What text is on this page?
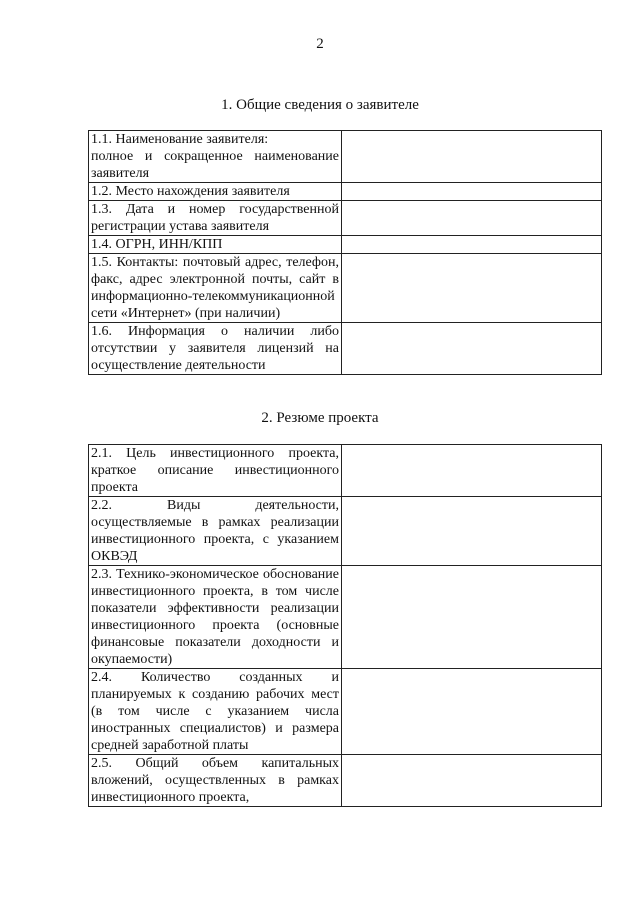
2
1. Общие сведения о заявителе
1.1. Наименование заявителя:
полное и сокращенное наименование заявителя	
1.2. Место нахождения заявителя	
1.3. Дата и номер государственной регистрации устава заявителя	
1.4. ОГРН, ИНН/КПП	
1.5. Контакты: почтовый адрес, телефон, факс, адрес электронной почты, сайт в информационно-телекоммуникационной сети «Интернет» (при наличии)	
1.6. Информация о наличии либо отсутствии у заявителя лицензий на осуществление деятельности	
2. Резюме проекта
2.1. Цель инвестиционного проекта, краткое описание инвестиционного проекта	
2.2. Виды деятельности, осуществляемые в рамках реализации инвестиционного проекта, с указанием ОКВЭД	
2.3. Технико-экономическое обоснование инвестиционного проекта, в том числе показатели эффективности реализации инвестиционного проекта (основные финансовые показатели доходности и окупаемости)	
2.4. Количество созданных и планируемых к созданию рабочих мест (в том числе с указанием числа иностранных специалистов) и размера средней заработной платы	
2.5. Общий объем капитальных вложений, осуществленных в рамках инвестиционного проекта,	
